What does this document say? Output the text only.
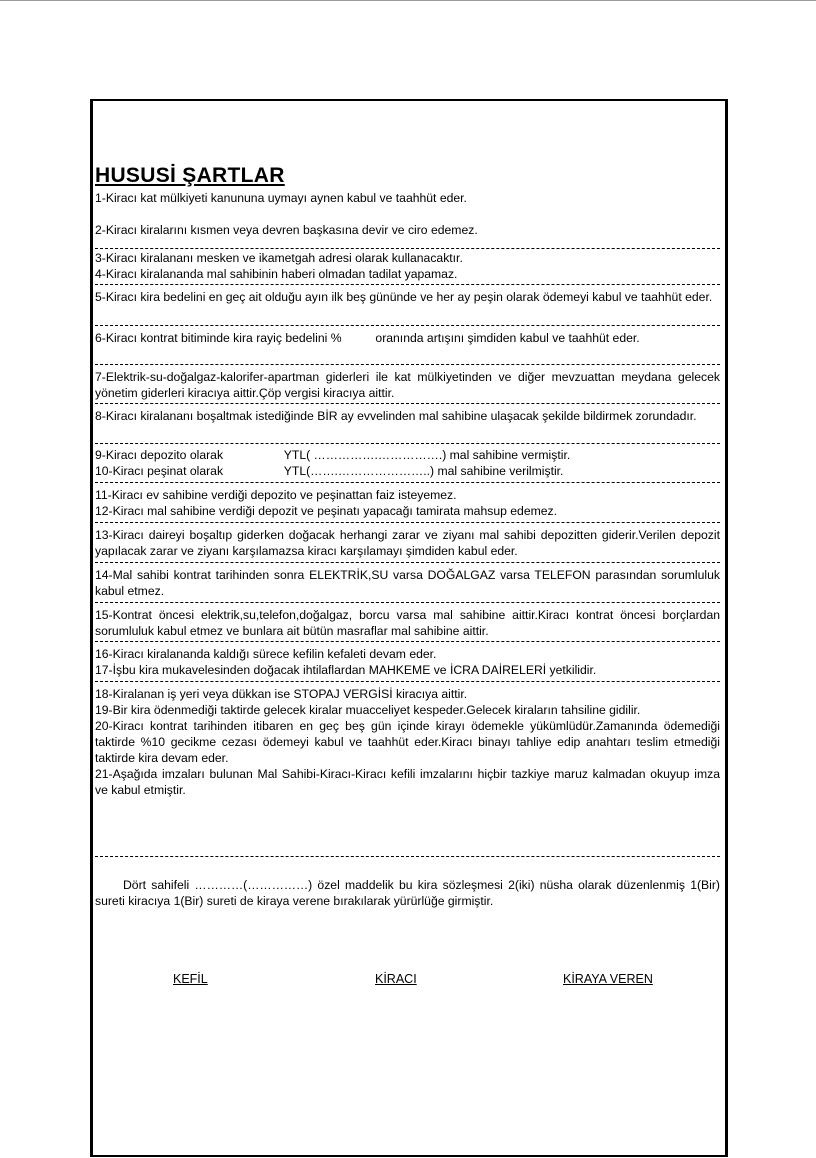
HUSUSİ ŞARTLAR
1-Kiracı kat mülkiyeti kanununa uymayı aynen kabul ve taahhüt eder.
2-Kiracı kiralarını kısmen veya devren başkasına devir ve ciro edemez.
3-Kiracı kiralananı mesken ve ikametgah adresi olarak kullanacaktır.
4-Kiracı kiralananda mal sahibinin haberi olmadan tadilat yapamaz.
5-Kiracı kira bedelini en geç ait olduğu ayın ilk beş gününde ve her ay peşin olarak ödemeyi kabul ve taahhüt eder.
6-Kiracı kontrat bitiminde kira rayiç bedelini %          oranında artışını şimdiden kabul ve taahhüt eder.
7-Elektrik-su-doğalgaz-kalorifer-apartman giderleri ile kat mülkiyetinden ve diğer mevzuattan meydana gelecek yönetim giderleri kiracıya aittir.Çöp vergisi kiracıya aittir.
8-Kiracı kiralananı boşaltmak istediğinde BİR ay evvelinden mal sahibine ulaşacak şekilde bildirmek zorundadır.
9-Kiracı depozito olarak                  YTL( …………….…………….) mal sahibine vermiştir.
10-Kiracı peşinat olarak                  YTL(…….…………………..) mal sahibine verilmiştir.
11-Kiracı ev sahibine verdiği depozito ve peşinattan faiz isteyemez.
12-Kiracı mal sahibine verdiği depozit ve peşinatı yapacağı tamirata mahsup edemez.
13-Kiracı daireyi boşaltıp giderken doğacak herhangi zarar ve ziyanı mal sahibi depozitten giderir.Verilen depozit yapılacak zarar ve ziyanı karşılamazsa kiracı karşılamayı şimdiden kabul eder.
14-Mal sahibi kontrat tarihinden sonra ELEKTRİK,SU varsa DOĞALGAZ varsa TELEFON parasından sorumluluk kabul etmez.
15-Kontrat öncesi elektrik,su,telefon,doğalgaz, borcu varsa mal sahibine aittir.Kiracı kontrat öncesi borçlardan sorumluluk kabul etmez ve bunlara ait bütün masraflar mal sahibine aittir.
16-Kiracı kiralananda kaldığı sürece kefilin kefaleti devam eder.
17-İşbu kira mukavelesinden doğacak ihtilaflardan MAHKEME ve İCRA DAİRELERİ yetkilidir.
18-Kiralanan iş yeri veya dükkan ise STOPAJ VERGİSİ kiracıya aittir.
19-Bir kira ödenmediği taktirde gelecek kiralar muacceliyet kespeder.Gelecek kiraların tahsiline gidilir.
20-Kiracı kontrat tarihinden itibaren en geç beş gün içinde kirayı ödemekle yükümlüdür.Zamanında ödemediği taktirde %10 gecikme cezası ödemeyi kabul ve taahhüt eder.Kiracı binayı tahliye edip anahtarı teslim etmediği taktirde kira devam eder.
21-Aşağıda imzaları bulunan Mal Sahibi-Kiracı-Kiracı kefili imzalarını hiçbir tazkiye maruz kalmadan okuyup imza ve kabul etmiştir.
Dört sahifeli …………(……………) özel maddelik bu kira sözleşmesi 2(iki) nüsha olarak düzenlenmiş 1(Bir) sureti kiracıya 1(Bir) sureti de kiraya verene bırakılarak yürürlüğe girmiştir.
KEFİL	KİRACI	KİRAYA VEREN
